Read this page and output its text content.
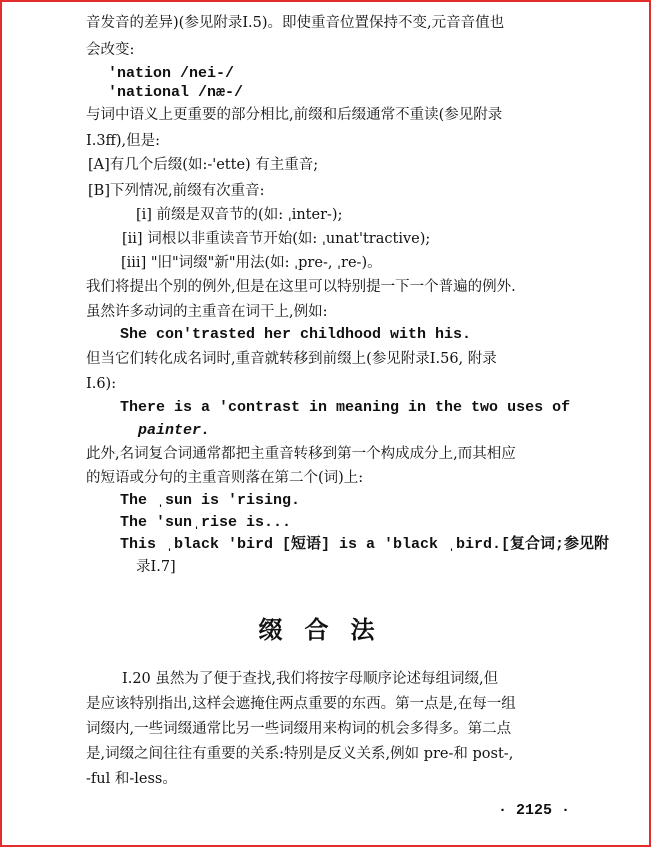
音发音的差异)(参见附录Ⅰ.5)。即使重音位置保持不变,元音音值也
会改变:
'nation /nei-/
'national /næ-/
与词中语义上更重要的部分相比,前缀和后缀通常不重读(参见附录
Ⅰ.3ff),但是:
[A]有几个后缀(如:-'ette) 有主重音;
[B]下列情况,前缀有次重音:
[i] 前缀是双音节的(如: ˌinter-);
[ii] 词根以非重读音节开始(如: ˌunat'tractive);
[iii] "旧"词缀"新"用法(如: ˌpre-, ˌre-)。
我们将提出个别的例外,但是在这里可以特别提一下一个普遍的例外.
虽然许多动词的主重音在词干上,例如:
She con'trasted her childhood with his.
但当它们转化成名词时,重音就转移到前缀上(参见附录Ⅰ.56, 附录
Ⅰ.6):
There is a 'contrast in meaning in the two uses of
painter.
此外,名词复合词通常都把主重音转移到第一个构成成分上,而其相应
的短语或分句的主重音则落在第二个(词)上:
The ˌsun is 'rising.
The 'sunˌrise is...
This ˌblack 'bird [短语] is a 'black ˌbird.[复合词;参见附
录Ⅰ.7]
缀合法
Ⅰ.20 虽然为了便于查找,我们将按字母顺序论述每组词缀,但
是应该特别指出,这样会遮掩住两点重要的东西。第一点是,在每一组
词缀内,一些词缀通常比另一些词缀用来构词的机会多得多。第二点
是,词缀之间往往有重要的关系:特别是反义关系,例如 pre-和 post-,
-ful 和-less。
· 2125 ·
